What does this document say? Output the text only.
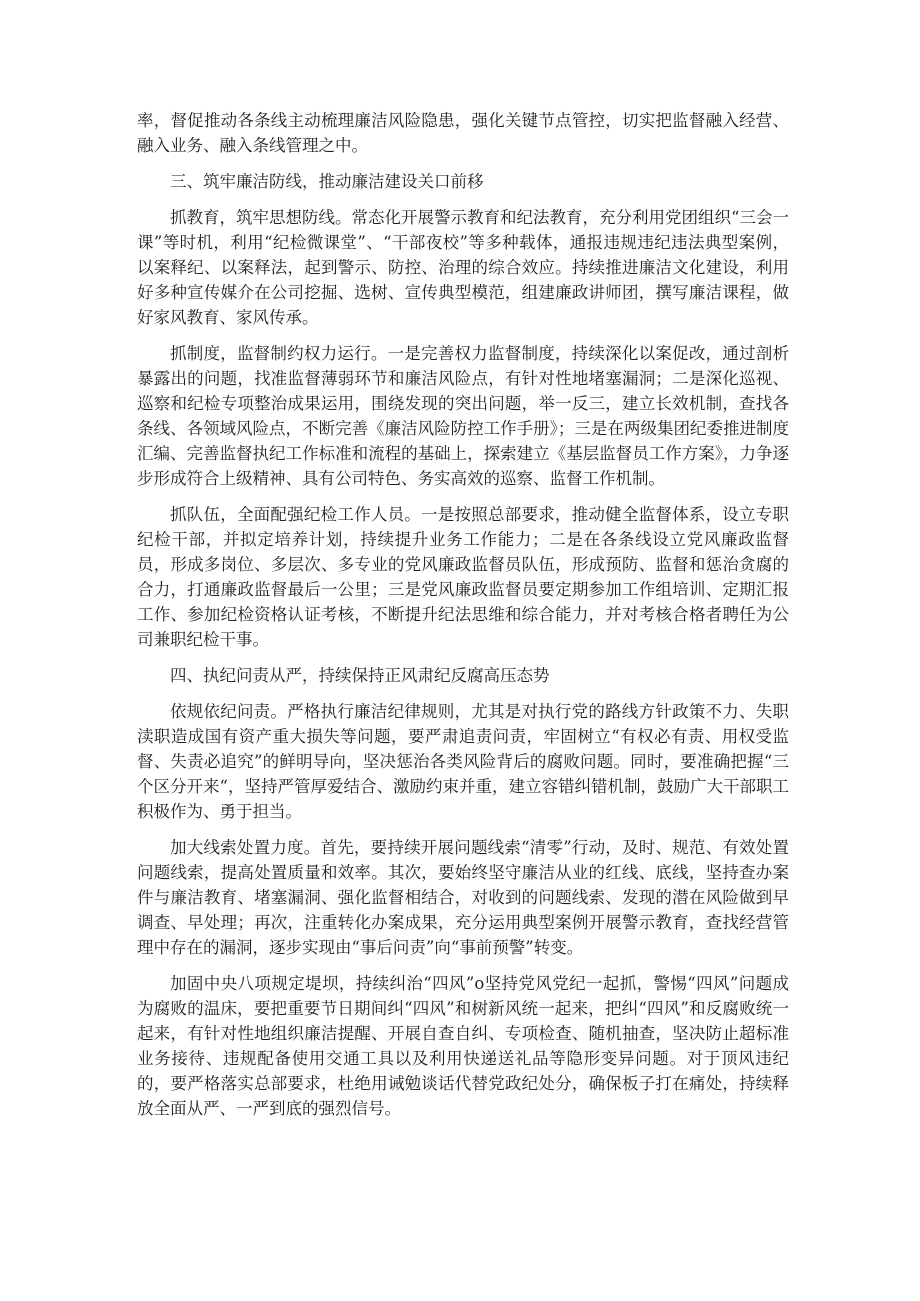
率，督促推动各条线主动梳理廉洁风险隐患，强化关键节点管控，切实把监督融入经营、融入业务、融入条线管理之中。

三、筑牢廉洁防线，推动廉洁建设关口前移

抓教育，筑牢思想防线。常态化开展警示教育和纪法教育，充分利用党团组织“三会一课”等时机，利用“纪检微课堂”、“干部夜校”等多种载体，通报违规违纪违法典型案例，以案释纪、以案释法，起到警示、防控、治理的综合效应。持续推进廉洁文化建设，利用好多种宣传媒介在公司挖掘、选树、宣传典型模范，组建廉政讲师团，撰写廉洁课程，做好家风教育、家风传承。

抓制度，监督制约权力运行。一是完善权力监督制度，持续深化以案促改，通过剖析暴露出的问题，找准监督薄弱环节和廉洁风险点，有针对性地堵塞漏洞；二是深化巡视、巡察和纪检专项整治成果运用，围绕发现的突出问题，举一反三，建立长效机制，查找各条线、各领域风险点，不断完善《廉洁风险防控工作手册》；三是在两级集团纪委推进制度汇编、完善监督执纪工作标准和流程的基础上，探索建立《基层监督员工作方案》，力争逐步形成符合上级精神、具有公司特色、务实高效的巡察、监督工作机制。

抓队伍，全面配强纪检工作人员。一是按照总部要求，推动健全监督体系，设立专职纪检干部，并拟定培养计划，持续提升业务工作能力；二是在各条线设立党风廉政监督员，形成多岗位、多层次、多专业的党风廉政监督员队伍，形成预防、监督和惩治贪腐的合力，打通廉政监督最后一公里；三是党风廉政监督员要定期参加工作组培训、定期汇报工作、参加纪检资格认证考核，不断提升纪法思维和综合能力，并对考核合格者聘任为公司兼职纪检干事。

四、执纪问责从严，持续保持正风肃纪反腐高压态势

依规依纪问责。严格执行廉洁纪律规则，尤其是对执行党的路线方针政策不力、失职渎职造成国有资产重大损失等问题，要严肃追责问责，牢固树立“有权必有责、用权受监督、失责必追究”的鲜明导向，坚决惩治各类风险背后的腐败问题。同时，要准确把握“三个区分开来“，坚持严管厚爱结合、激励约束并重，建立容错纠错机制，鼓励广大干部职工积极作为、勇于担当。

加大线索处置力度。首先，要持续开展问题线索“清零”行动，及时、规范、有效处置问题线索，提高处置质量和效率。其次，要始终坚守廉洁从业的红线、底线，坚持查办案件与廉洁教育、堵塞漏洞、强化监督相结合，对收到的问题线索、发现的潜在风险做到早调查、早处理；再次，注重转化办案成果，充分运用典型案例开展警示教育，查找经营管理中存在的漏洞，逐步实现由“事后问责”向“事前预警”转变。

加固中央八项规定堤坝，持续纠治“四风”o坚持党风党纪一起抓，警惕“四风”问题成为腐败的温床，要把重要节日期间纠“四风”和树新风统一起来，把纠“四风”和反腐败统一起来，有针对性地组织廉洁提醒、开展自查自纠、专项检查、随机抽查，坚决防止超标准业务接待、违规配备使用交通工具以及利用快递送礼品等隐形变异问题。对于顶风违纪的，要严格落实总部要求，杜绝用诫勉谈话代替党政纪处分，确保板子打在痛处，持续释放全面从严、一严到底的强烈信号。
